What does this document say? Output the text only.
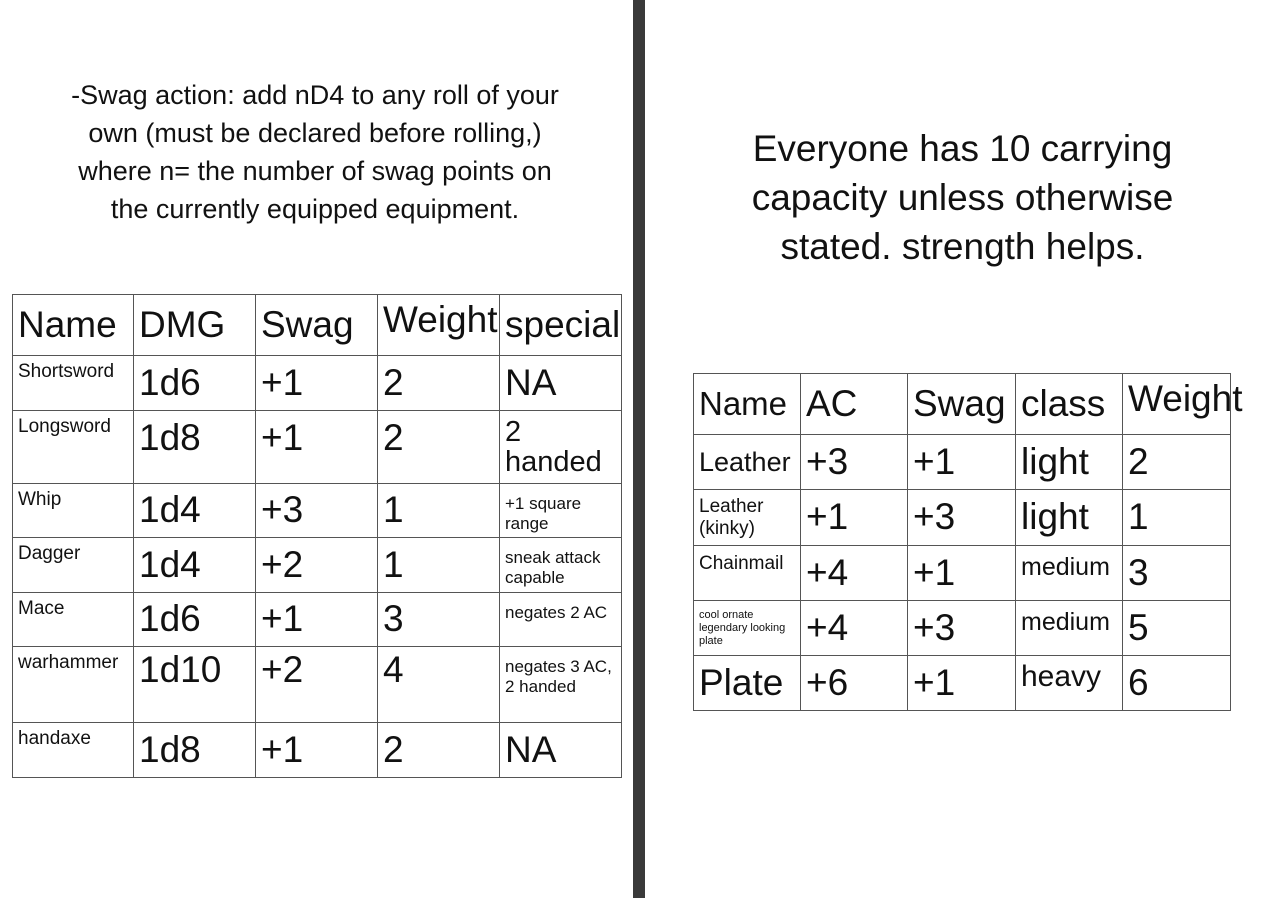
-Swag action: add nD4 to any roll of your own (must be declared before rolling,) where n= the number of swag points on the currently equipped equipment.
Everyone has 10 carrying capacity unless otherwise stated. strength helps.
Name	DMG	Swag	Weight	special
Shortsword	1d6	+1	2	NA
Longsword	1d8	+1	2	2 handed
Whip	1d4	+3	1	+1 square range
Dagger	1d4	+2	1	sneak attack capable
Mace	1d6	+1	3	negates 2 AC
warhammer	1d10	+2	4	negates 3 AC, 2 handed
handaxe	1d8	+1	2	NA
Name	AC	Swag	class	Weight
Leather	+3	+1	light	2
Leather (kinky)	+1	+3	light	1
Chainmail	+4	+1	medium	3
cool ornate legendary looking plate	+4	+3	medium	5
Plate	+6	+1	heavy	6
